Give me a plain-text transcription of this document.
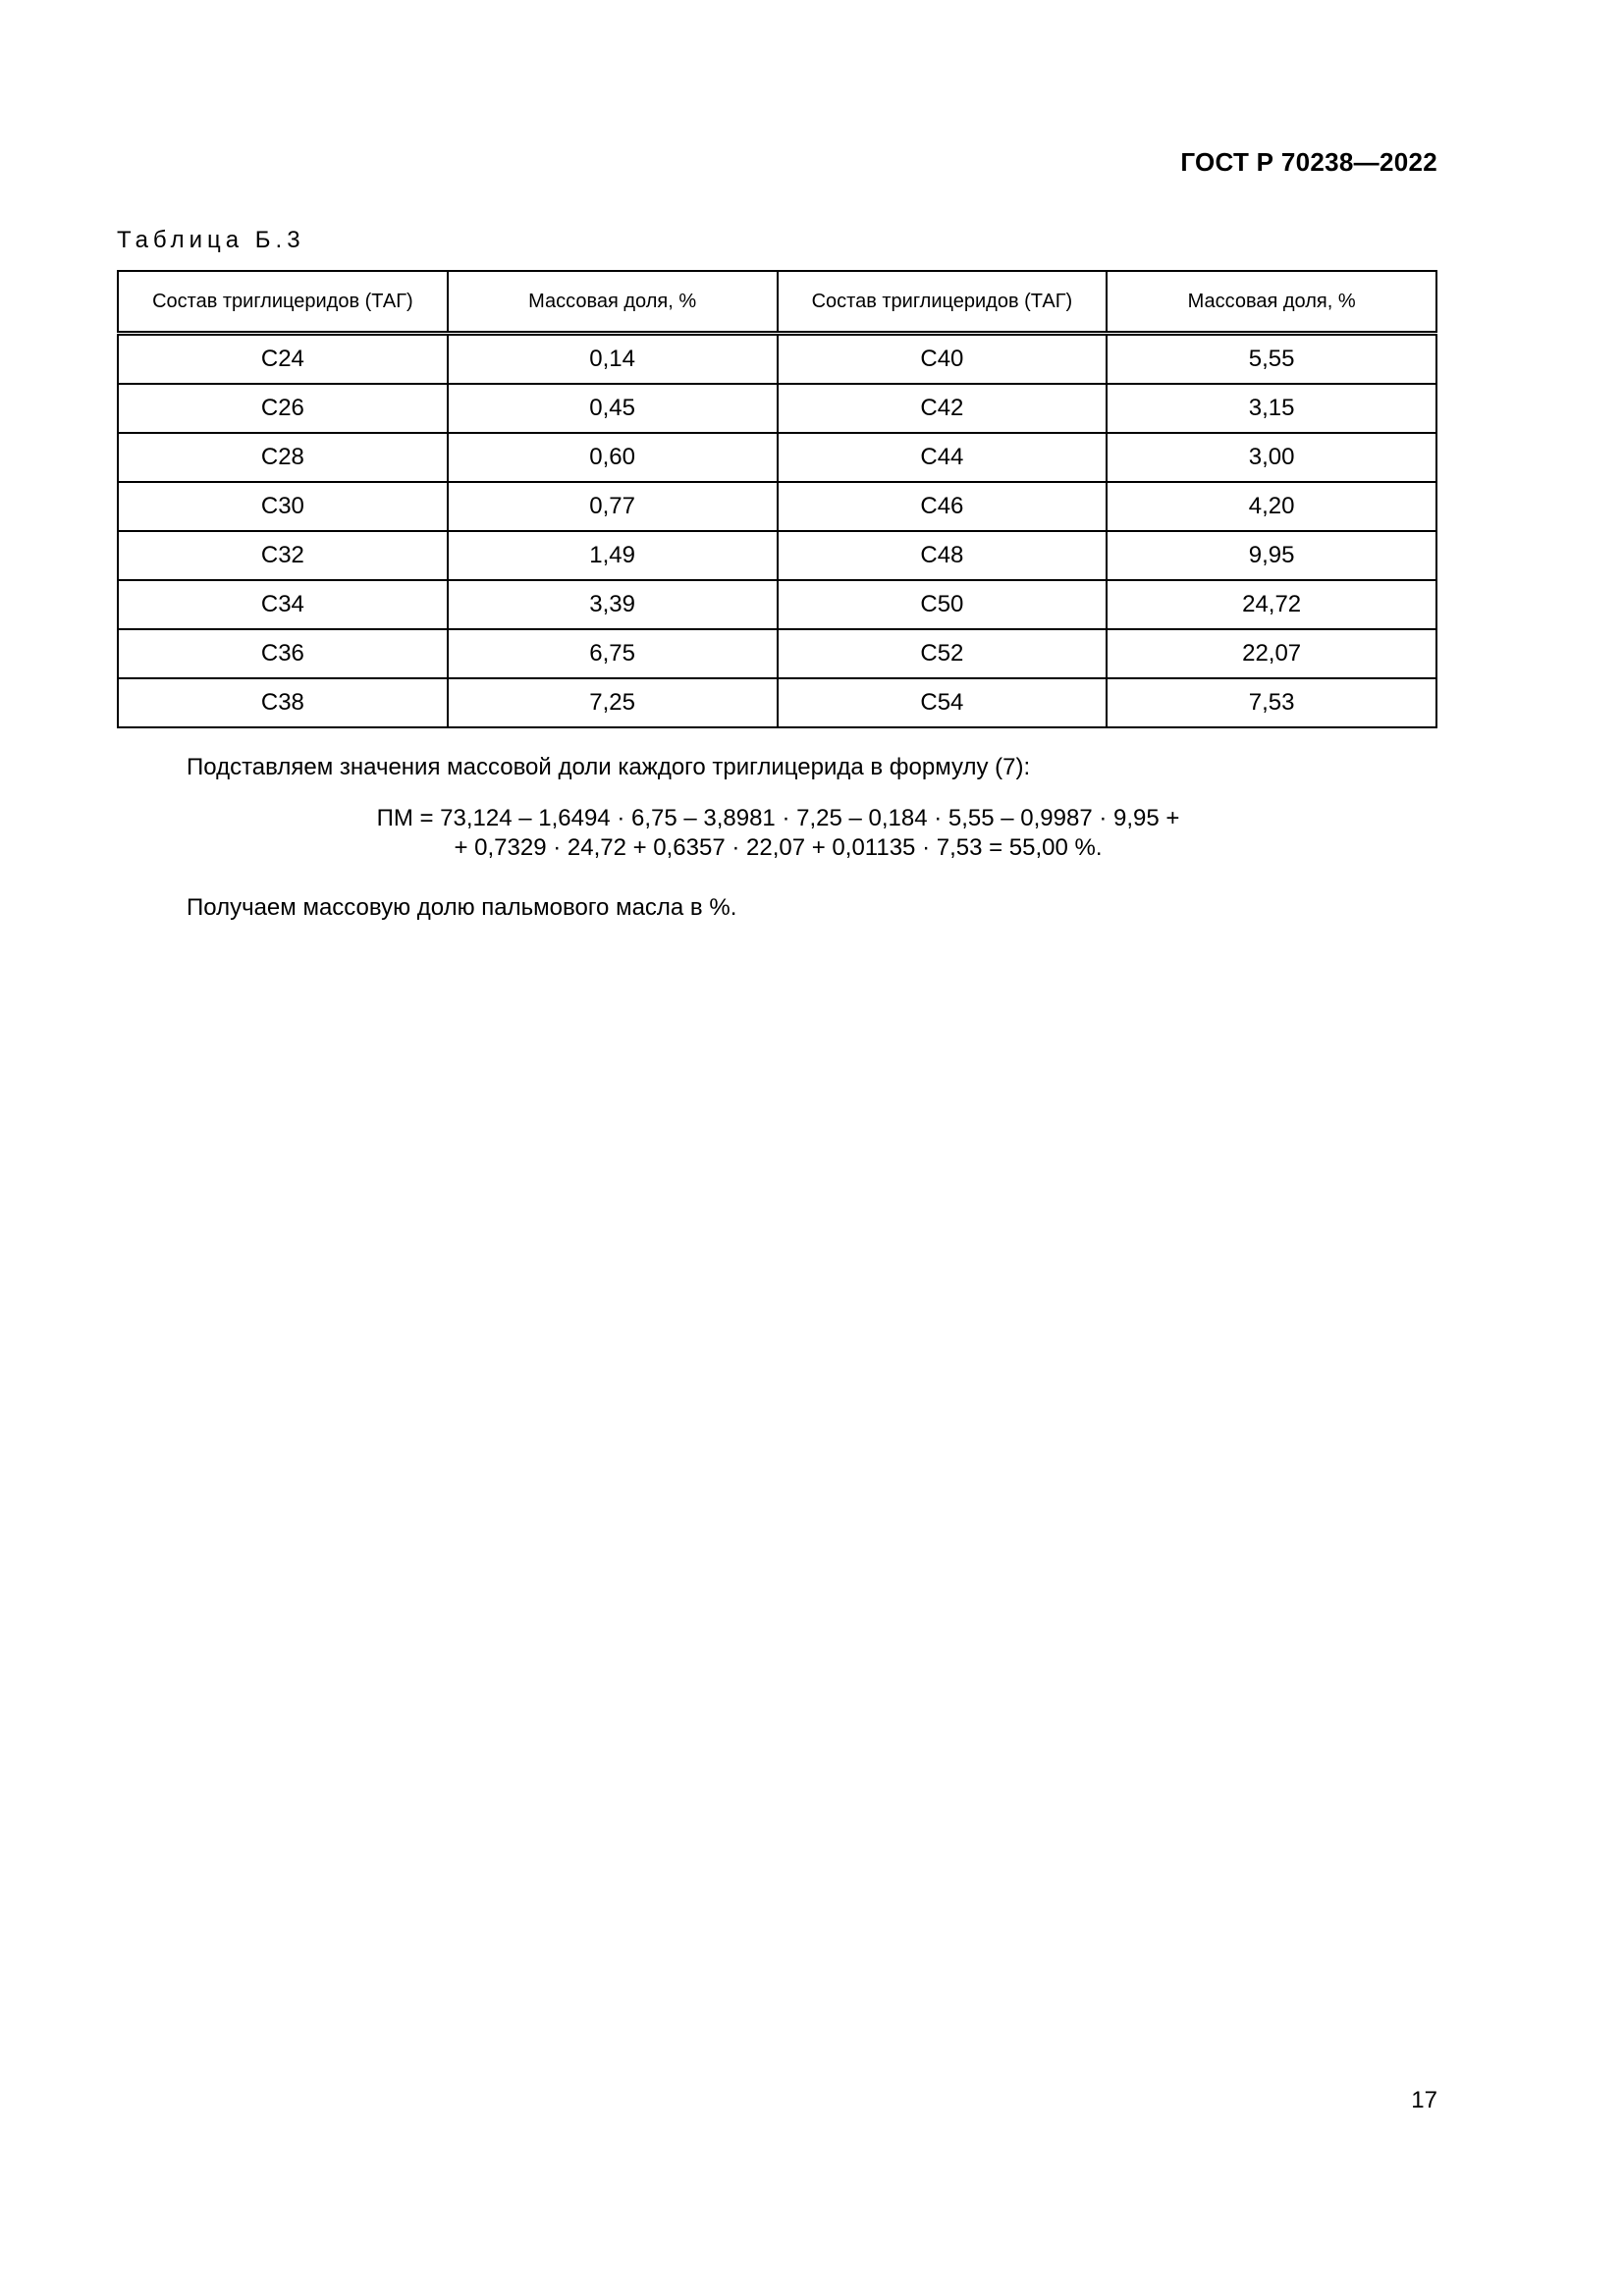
ГОСТ Р 70238—2022
Таблица Б.3
Состав триглицеридов (ТАГ)	Массовая доля, %	Состав триглицеридов (ТАГ)	Массовая доля, %
С24	0,14	С40	5,55
С26	0,45	С42	3,15
С28	0,60	С44	3,00
С30	0,77	С46	4,20
С32	1,49	С48	9,95
С34	3,39	С50	24,72
С36	6,75	С52	22,07
С38	7,25	С54	7,53
Подставляем значения массовой доли каждого триглицерида в формулу (7):
ПМ = 73,124 – 1,6494 · 6,75 – 3,8981 · 7,25 – 0,184 · 5,55 – 0,9987 · 9,95 +
+ 0,7329 · 24,72 + 0,6357 · 22,07 + 0,01135 · 7,53 = 55,00 %.
Получаем массовую долю пальмового масла в %.
17
